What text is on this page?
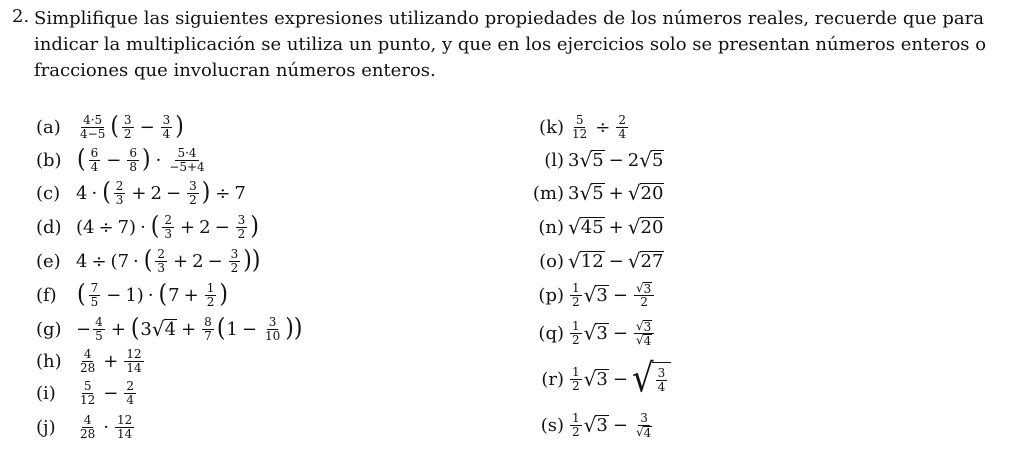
2. Simplifique las siguientes expresiones utilizando propiedades de los números reales, recuerde que para indicar la multiplicación se utiliza un punto, y que en los ejercicios solo se presentan números enteros o fracciones que involucran números enteros.
(a)	$\frac{4\cdot 5}{4-5}$ ( $\frac{3}{2} - \frac{3}{4}$ )
(b) ( $\frac{6}{4} - \frac{6}{8}$ ) · $\frac{5\cdot 4}{-5+4}$
(c) 4 · ( $\frac{2}{3} + 2 - \frac{3}{2}$ ) ÷ 7
(d) (4 ÷ 7) · ( $\frac{2}{3} + 2 - \frac{3}{2}$ )
(e) 4 ÷ (7 · ( $\frac{2}{3} + 2 - \frac{3}{2}$ ))
(f) ( $\frac{7}{5} - 1$) · ( $7 + \frac{1}{2}$ )
$(g) - \frac{4}{5}$ + ( 3 √ $4 + \frac{8}{7}$ ( $1 - \frac{3}{10}$ ))
(h)	$\frac{4}{28} + \frac{12}{14}$
(i)	$\frac{5}{12} - \frac{2}{4}$
(j)	$\frac{4}{28} \cdot \frac{12}{14}$
$(k) \frac{5}{12} \div \frac{2}{4}$
(l) 3 √ 5 − 2 √ 5
(m) 3 √ 5 + √ 20
(n) √ 45 + √ 20
(o) √ 12 − √ 27
$(p) \frac{1}{2}$ √ $3 - \frac{√ 3}{2}$
$(q) \frac{1}{2}$ √ $3 - \frac{√ 3}{√ 4}$
$(r) \frac{1}{2}$ √ 3 − √ $\frac{3}{4}$
$(s) \frac{1}{2}$ √ $3 - \frac{3}{√ 4}$
